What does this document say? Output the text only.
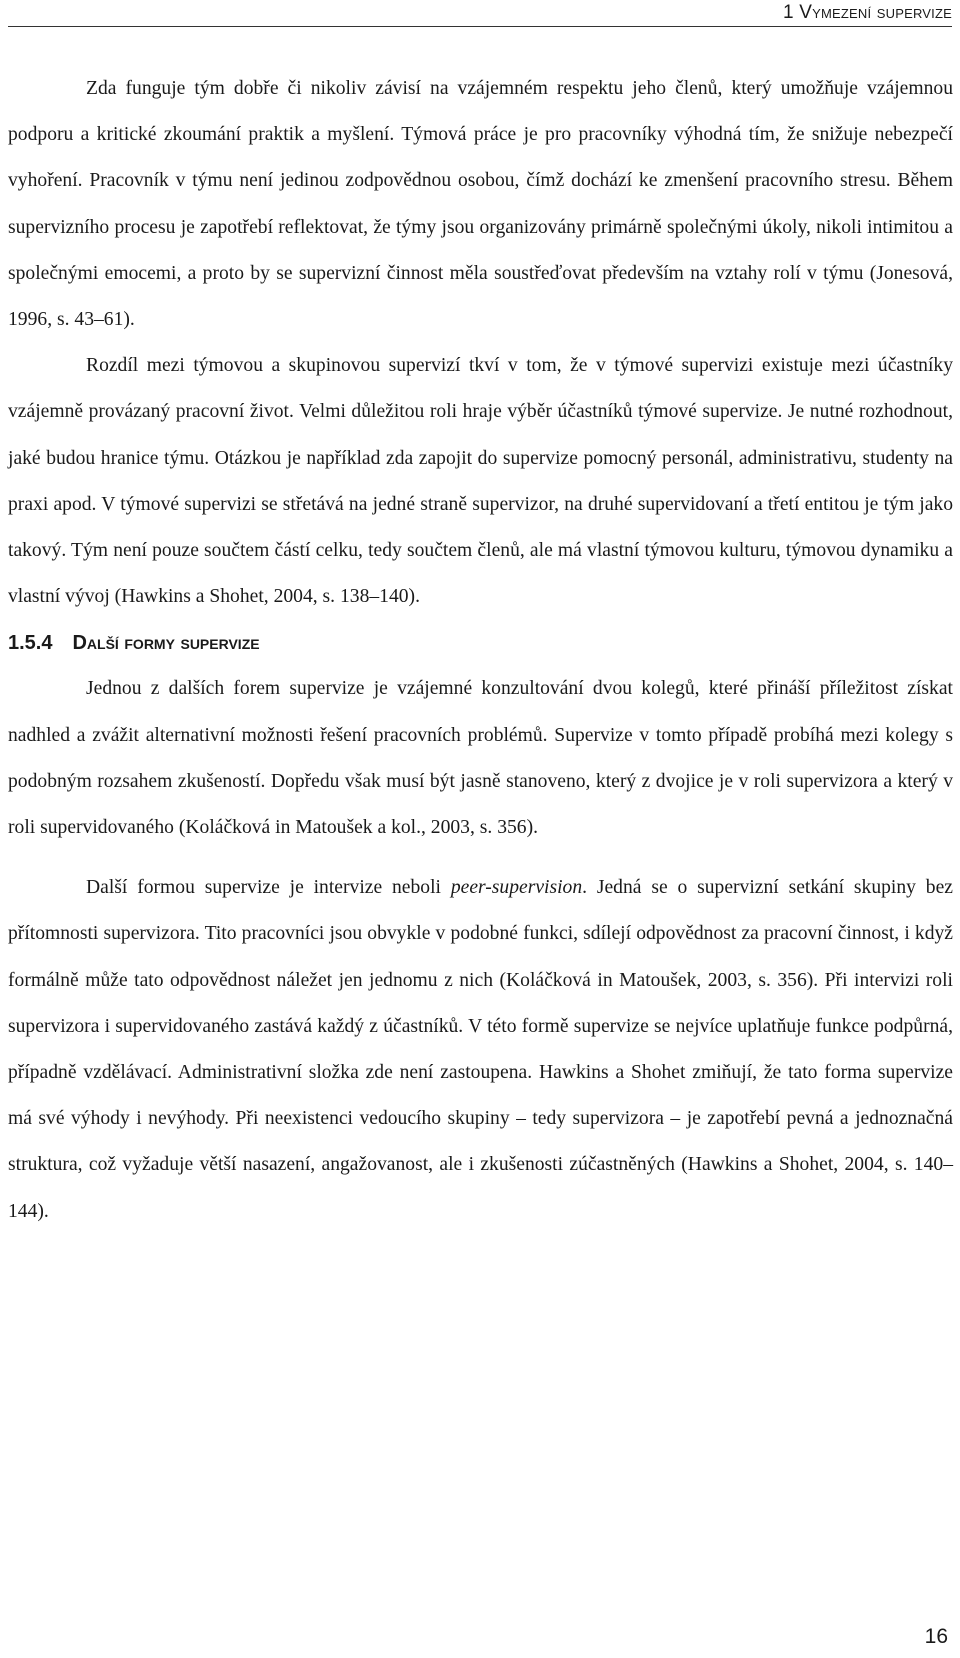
1 Vymezení supervize

Zda funguje tým dobře či nikoliv závisí na vzájemném respektu jeho členů, který umožňuje vzájemnou podporu a kritické zkoumání praktik a myšlení. Týmová práce je pro pracovníky výhodná tím, že snižuje nebezpečí vyhoření. Pracovník v týmu není jedinou zodpovědnou osobou, čímž dochází ke zmenšení pracovního stresu. Během supervizního procesu je zapotřebí reflektovat, že týmy jsou organizovány primárně společnými úkoly, nikoli intimitou a společnými emocemi, a proto by se supervizní činnost měla soustřeďovat především na vztahy rolí v týmu (Jonesová, 1996, s. 43–61).

Rozdíl mezi týmovou a skupinovou supervizí tkví v tom, že v týmové supervizi existuje mezi účastníky vzájemně provázaný pracovní život. Velmi důležitou roli hraje výběr účastníků týmové supervize. Je nutné rozhodnout, jaké budou hranice týmu. Otázkou je například zda zapojit do supervize pomocný personál, administrativu, studenty na praxi apod. V týmové supervizi se střetává na jedné straně supervizor, na druhé supervidovaní a třetí entitou je tým jako takový. Tým není pouze součtem částí celku, tedy součtem členů, ale má vlastní týmovou kulturu, týmovou dynamiku a vlastní vývoj (Hawkins a Shohet, 2004, s. 138–140).

1.5.4 Další formy supervize

Jednou z dalších forem supervize je vzájemné konzultování dvou kolegů, které přináší příležitost získat nadhled a zvážit alternativní možnosti řešení pracovních problémů. Supervize v tomto případě probíhá mezi kolegy s podobným rozsahem zkušeností. Dopředu však musí být jasně stanoveno, který z dvojice je v roli supervizora a který v roli supervidovaného (Koláčková in Matoušek a kol., 2003, s. 356).

Další formou supervize je intervize neboli peer-supervision. Jedná se o supervizní setkání skupiny bez přítomnosti supervizora. Tito pracovníci jsou obvykle v podobné funkci, sdílejí odpovědnost za pracovní činnost, i když formálně může tato odpovědnost náležet jen jednomu z nich (Koláčková in Matoušek, 2003, s. 356). Při intervizi roli supervizora i supervidovaného zastává každý z účastníků. V této formě supervize se nejvíce uplatňuje funkce podpůrná, případně vzdělávací. Administrativní složka zde není zastoupena. Hawkins a Shohet zmiňují, že tato forma supervize má své výhody i nevýhody. Při neexistenci vedoucího skupiny – tedy supervizora – je zapotřebí pevná a jednoznačná struktura, což vyžaduje větší nasazení, angažovanost, ale i zkušenosti zúčastněných (Hawkins a Shohet, 2004, s. 140–144).

16
